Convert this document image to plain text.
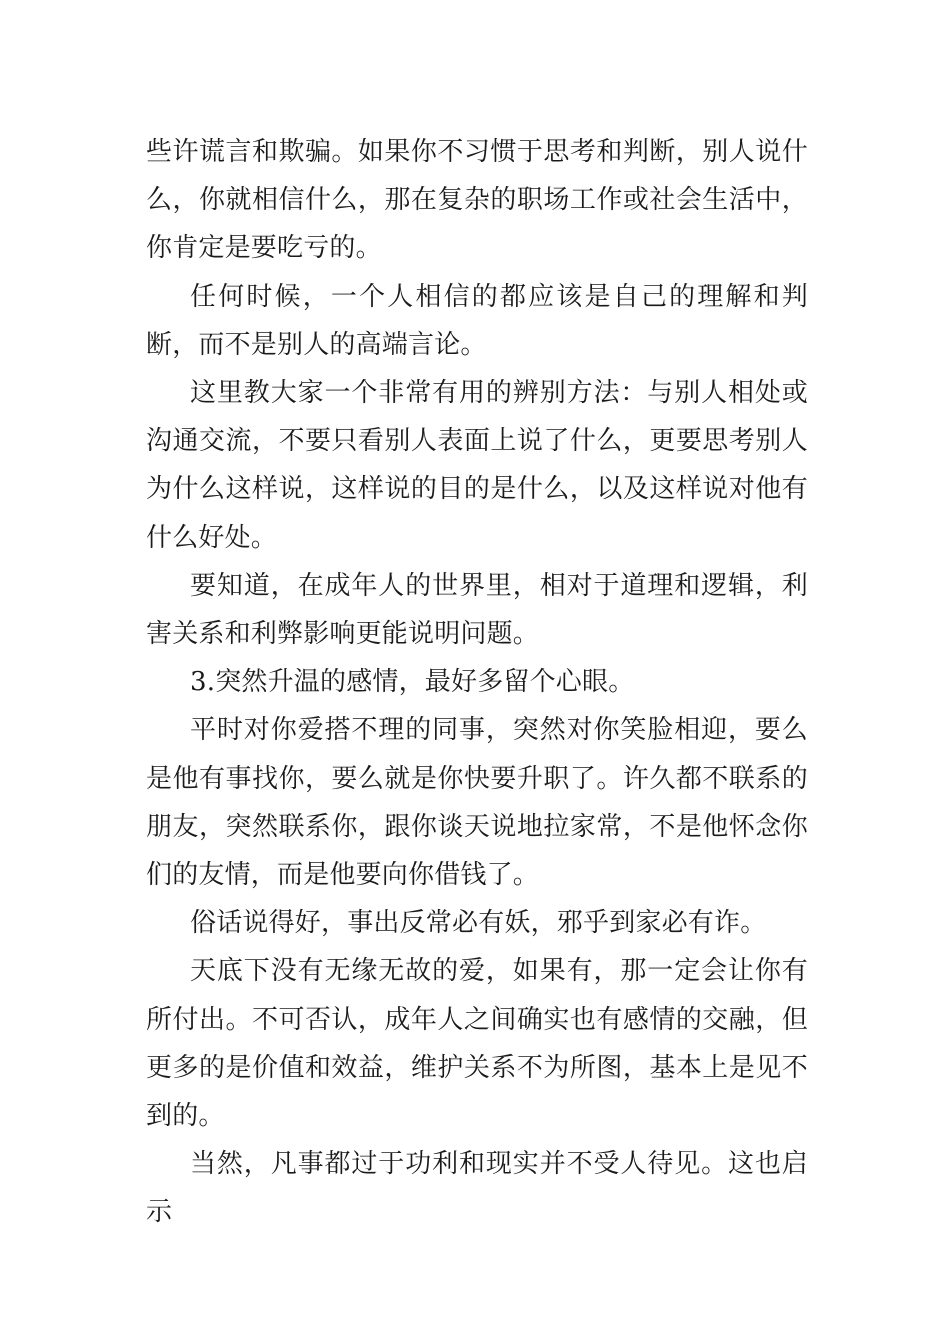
些许谎言和欺骗。如果你不习惯于思考和判断，别人说什么，你就相信什么，那在复杂的职场工作或社会生活中，你肯定是要吃亏的。

任何时候，一个人相信的都应该是自己的理解和判断，而不是别人的高端言论。

这里教大家一个非常有用的辨别方法：与别人相处或沟通交流，不要只看别人表面上说了什么，更要思考别人为什么这样说，这样说的目的是什么，以及这样说对他有什么好处。

要知道，在成年人的世界里，相对于道理和逻辑，利害关系和利弊影响更能说明问题。

3.突然升温的感情，最好多留个心眼。

平时对你爱搭不理的同事，突然对你笑脸相迎，要么是他有事找你，要么就是你快要升职了。许久都不联系的朋友，突然联系你，跟你谈天说地拉家常，不是他怀念你们的友情，而是他要向你借钱了。

俗话说得好，事出反常必有妖，邪乎到家必有诈。

天底下没有无缘无故的爱，如果有，那一定会让你有所付出。不可否认，成年人之间确实也有感情的交融，但更多的是价值和效益，维护关系不为所图，基本上是见不到的。

当然，凡事都过于功利和现实并不受人待见。这也启示
